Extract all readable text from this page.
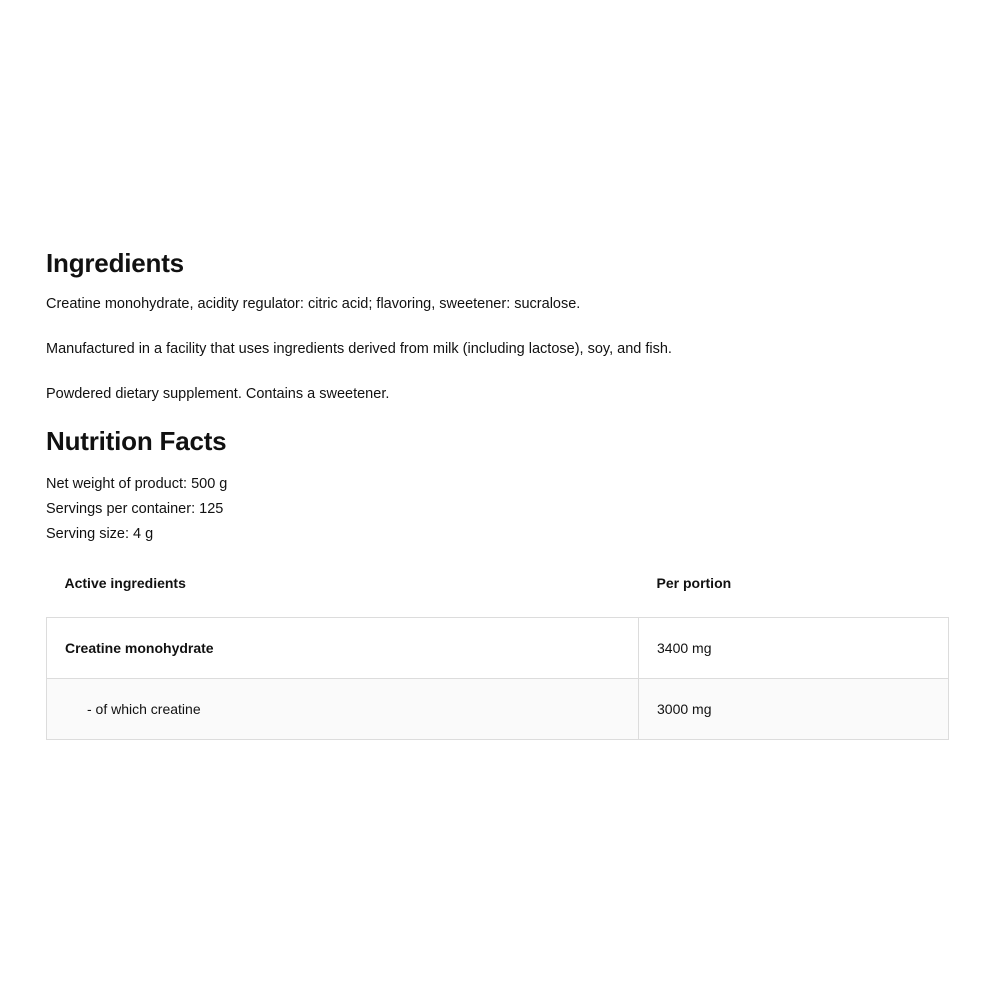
Ingredients

Creatine monohydrate, acidity regulator: citric acid; flavoring, sweetener: sucralose.

Manufactured in a facility that uses ingredients derived from milk (including lactose), soy, and fish.

Powdered dietary supplement. Contains a sweetener.

Nutrition Facts

Net weight of product: 500 g

Servings per container: 125

Serving size: 4 g

Active ingredients	Per portion
Creatine monohydrate	3400 mg
- of which creatine	3000 mg
